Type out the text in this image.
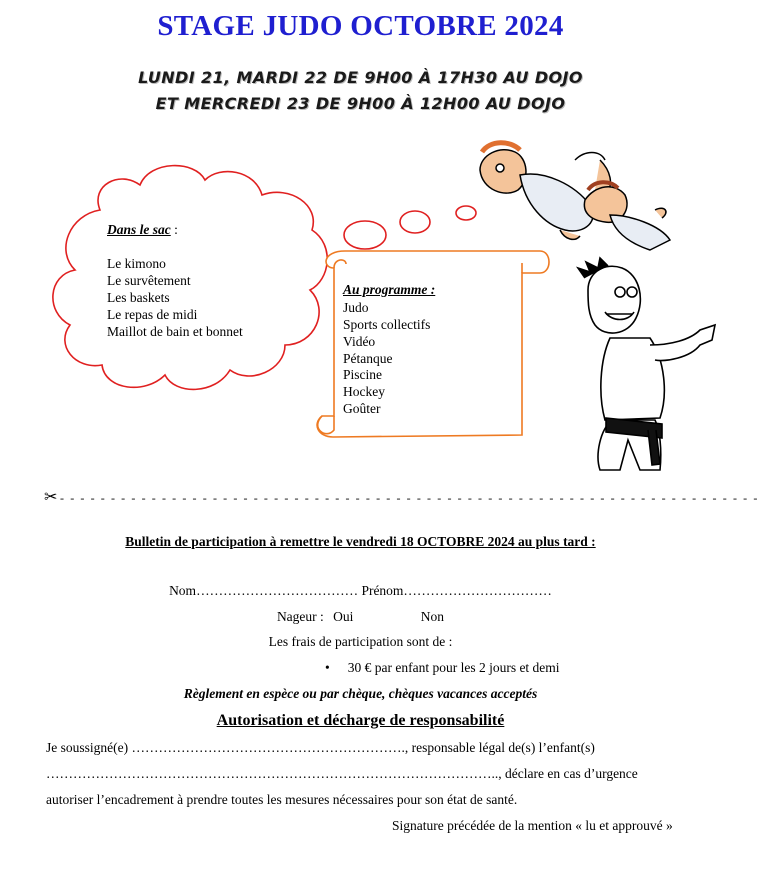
STAGE JUDO OCTOBRE 2024
LUNDI 21, MARDI 22 DE 9H00 À 17H30 AU DOJO
ET MERCREDI 23 DE 9H00 À 12H00 AU DOJO
Dans le sac :
Le kimono
Le survêtement
Les baskets
Le repas de midi
Maillot de bain et bonnet
Au programme :
Judo
Sports collectifs
Vidéo
Pétanque
Piscine
Hockey
Goûter
✂ - - - - - - - - - - - - - - - - - - - - - - - - - - - - - - - - - - - - - - - - - - - - - - - - - - - - - - - - - - - - - - - - - - - - -
Bulletin de participation à remettre le vendredi 18 OCTOBRE 2024 au plus tard :
Nom……………………………… Prénom……………………………
Nageur : Oui	Non
Les frais de participation sont de :
• 30 € par enfant pour les 2 jours et demi
Règlement en espèce ou par chèque, chèques vacances acceptés
Autorisation et décharge de responsabilité
Je soussigné(e) ……………………………………………………., responsable légal de(s) l’enfant(s)
……………………………………………………………………………………….., déclare en cas d’urgence
autoriser l’encadrement à prendre toutes les mesures nécessaires pour son état de santé.
Signature précédée de la mention « lu et approuvé »
